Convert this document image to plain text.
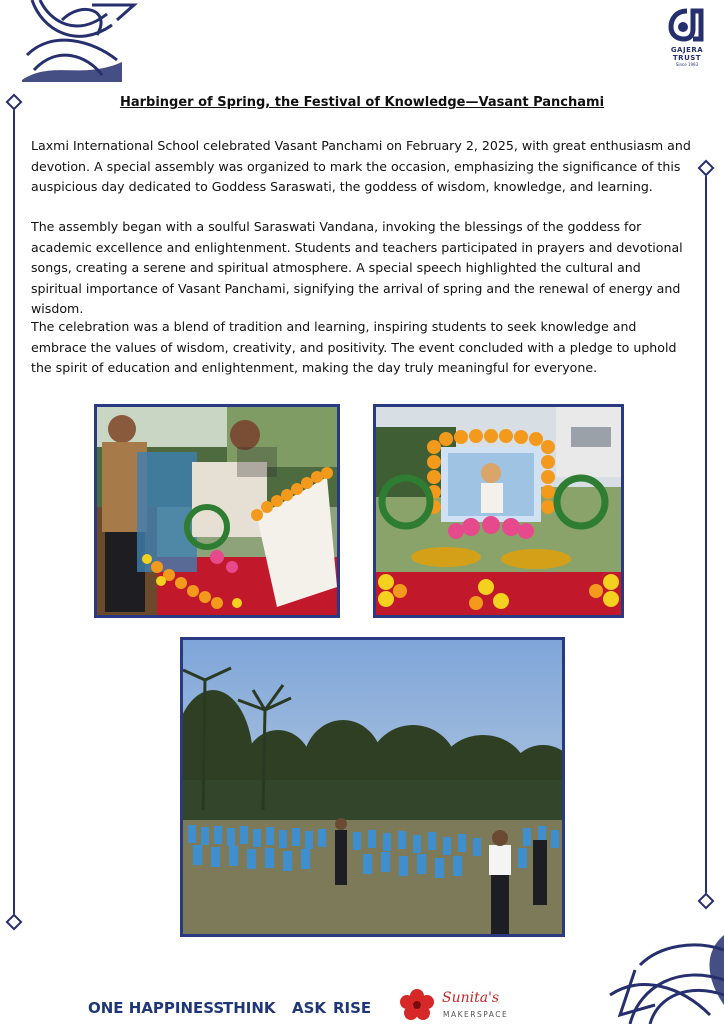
GAJERA
TRUST
Since 1993
Harbinger of Spring, the Festival of Knowledge—Vasant Panchami

Laxmi International School celebrated Vasant Panchami on February 2, 2025, with great enthusiasm and devotion. A special assembly was organized to mark the occasion, emphasizing the significance of this auspicious day dedicated to Goddess Saraswati, the goddess of wisdom, knowledge, and learning.

The assembly began with a soulful Saraswati Vandana, invoking the blessings of the goddess for academic excellence and enlightenment. Students and teachers participated in prayers and devotional songs, creating a serene and spiritual atmosphere. A special speech highlighted the cultural and spiritual importance of Vasant Panchami, signifying the arrival of spring and the renewal of energy and wisdom.

The celebration was a blend of tradition and learning, inspiring students to seek knowledge and embrace the values of wisdom, creativity, and positivity. The event concluded with a pledge to uphold the spirit of education and enlightenment, making the day truly meaningful for everyone.

ONE HAPPINESS
THINK ASK RISE
Sunita's
MAKERSPACE
